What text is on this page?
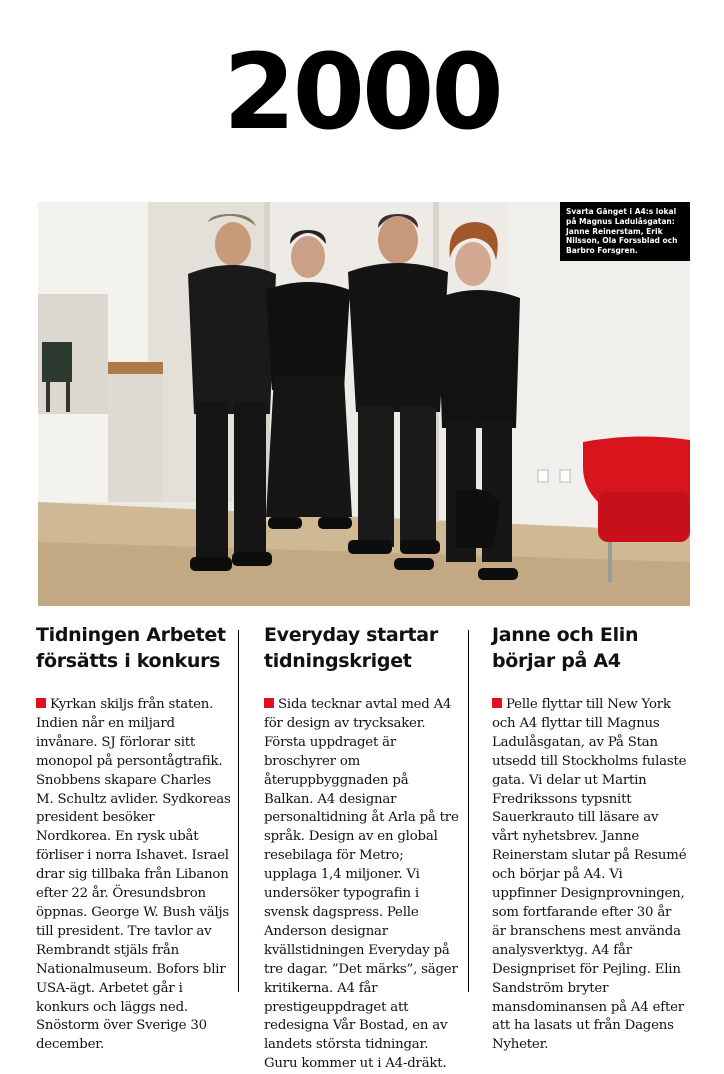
2000
Svarta Gänget i A4:s lokal på Magnus Ladulåsgatan: Janne Reinerstam, Erik Nilsson, Ola Forssblad och Barbro Forsgren.
Tidningen Arbetet försätts i konkurs

Kyrkan skiljs från staten. Indien når en miljard invånare. SJ förlorar sitt monopol på persontågtrafik. Snobbens skapare Charles M. Schultz avlider. Sydkoreas president besöker Nordkorea. En rysk ubåt förliser i norra Ishavet. Israel drar sig tillbaka från Libanon efter 22 år. Öresundsbron öppnas. George W. Bush väljs till president. Tre tavlor av Rembrandt stjäls från Nationalmuseum. Bofors blir USA-ägt. Arbetet går i konkurs och läggs ned. Snöstorm över Sverige 30 december.

Everyday startar tidningskriget

Sida tecknar avtal med A4 för design av trycksaker. Första uppdraget är broschyrer om återuppbyggnaden på Balkan. A4 designar personaltidning åt Arla på tre språk. Design av en global resebilaga för Metro; upplaga 1,4 miljoner. Vi undersöker typografin i svensk dagspress. Pelle Anderson designar kvällstidningen Everyday på tre dagar. ”Det märks”, säger kritikerna. A4 får prestigeuppdraget att redesigna Vår Bostad, en av landets största tidningar. Guru kommer ut i A4-dräkt.

Janne och Elin börjar på A4

Pelle flyttar till New York och A4 flyttar till Magnus Ladulåsgatan, av På Stan utsedd till Stockholms fulaste gata. Vi delar ut Martin Fredrikssons typsnitt Sauerkrauto till läsare av vårt nyhetsbrev. Janne Reinerstam slutar på Resumé och börjar på A4. Vi uppfinner Designprovningen, som fortfarande efter 30 år är branschens mest använda analysverktyg. A4 får Designpriset för Pejling. Elin Sandström bryter mansdominansen på A4 efter att ha lasats ut från Dagens Nyheter.
